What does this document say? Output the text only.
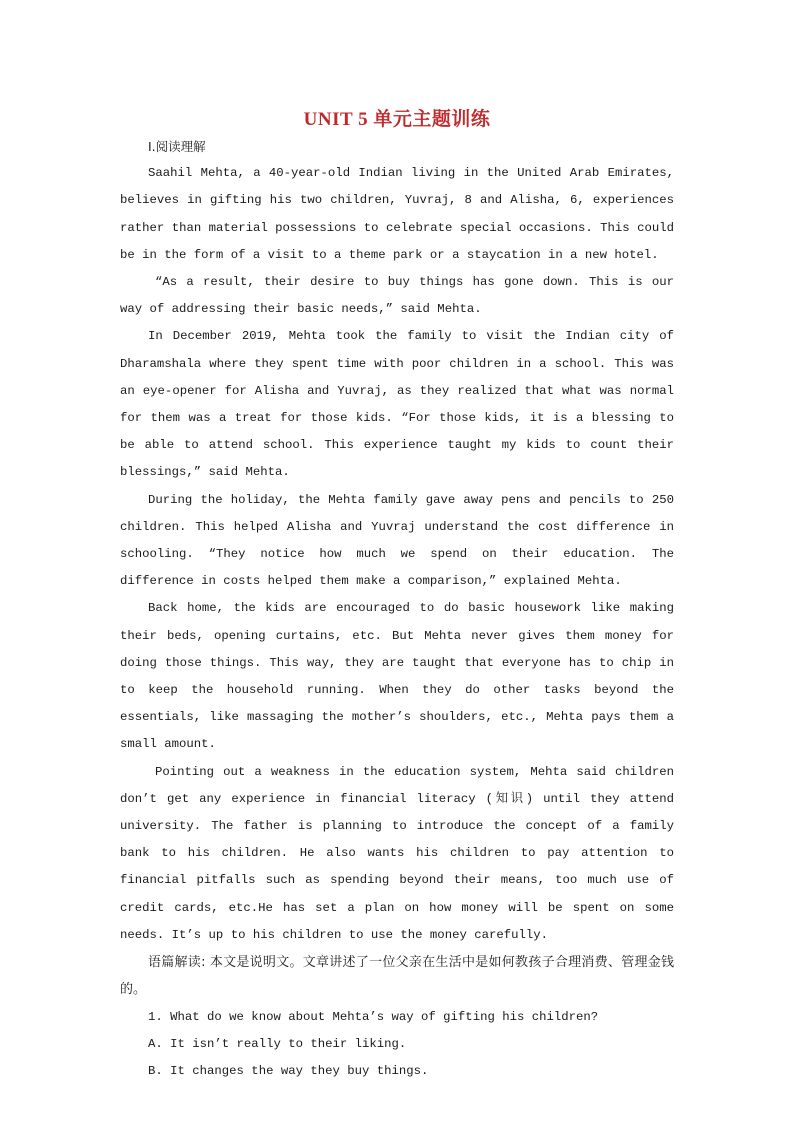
UNIT 5 单元主题训练

Ⅰ.阅读理解

Saahil Mehta, a 40-year-old Indian living in the United Arab Emirates, believes in gifting his two children, Yuvraj, 8 and Alisha, 6, experiences rather than material possessions to celebrate special occasions. This could be in the form of a visit to a theme park or a staycation in a new hotel.

“As a result, their desire to buy things has gone down. This is our way of addressing their basic needs,” said Mehta.

In December 2019, Mehta took the family to visit the Indian city of Dharamshala where they spent time with poor children in a school. This was an eye-opener for Alisha and Yuvraj, as they realized that what was normal for them was a treat for those kids. “For those kids, it is a blessing to be able to attend school. This experience taught my kids to count their blessings,” said Mehta.

During the holiday, the Mehta family gave away pens and pencils to 250 children. This helped Alisha and Yuvraj understand the cost difference in schooling. “They notice how much we spend on their education. The difference in costs helped them make a comparison,” explained Mehta.

Back home, the kids are encouraged to do basic housework like making their beds, opening curtains, etc. But Mehta never gives them money for doing those things. This way, they are taught that everyone has to chip in to keep the household running. When they do other tasks beyond the essentials, like massaging the mother’s shoulders, etc., Mehta pays them a small amount.

Pointing out a weakness in the education system, Mehta said children don’t get any experience in financial literacy (知识) until they attend university. The father is planning to introduce the concept of a family bank to his children. He also wants his children to pay attention to financial pitfalls such as spending beyond their means, too much use of credit cards, etc.He has set a plan on how money will be spent on some needs. It’s up to his children to use the money carefully.

语篇解读: 本文是说明文。文章讲述了一位父亲在生活中是如何教孩子合理消费、管理金钱的。

1. What do we know about Mehta’s way of gifting his children?

A. It isn’t really to their liking.

B. It changes the way they buy things.
